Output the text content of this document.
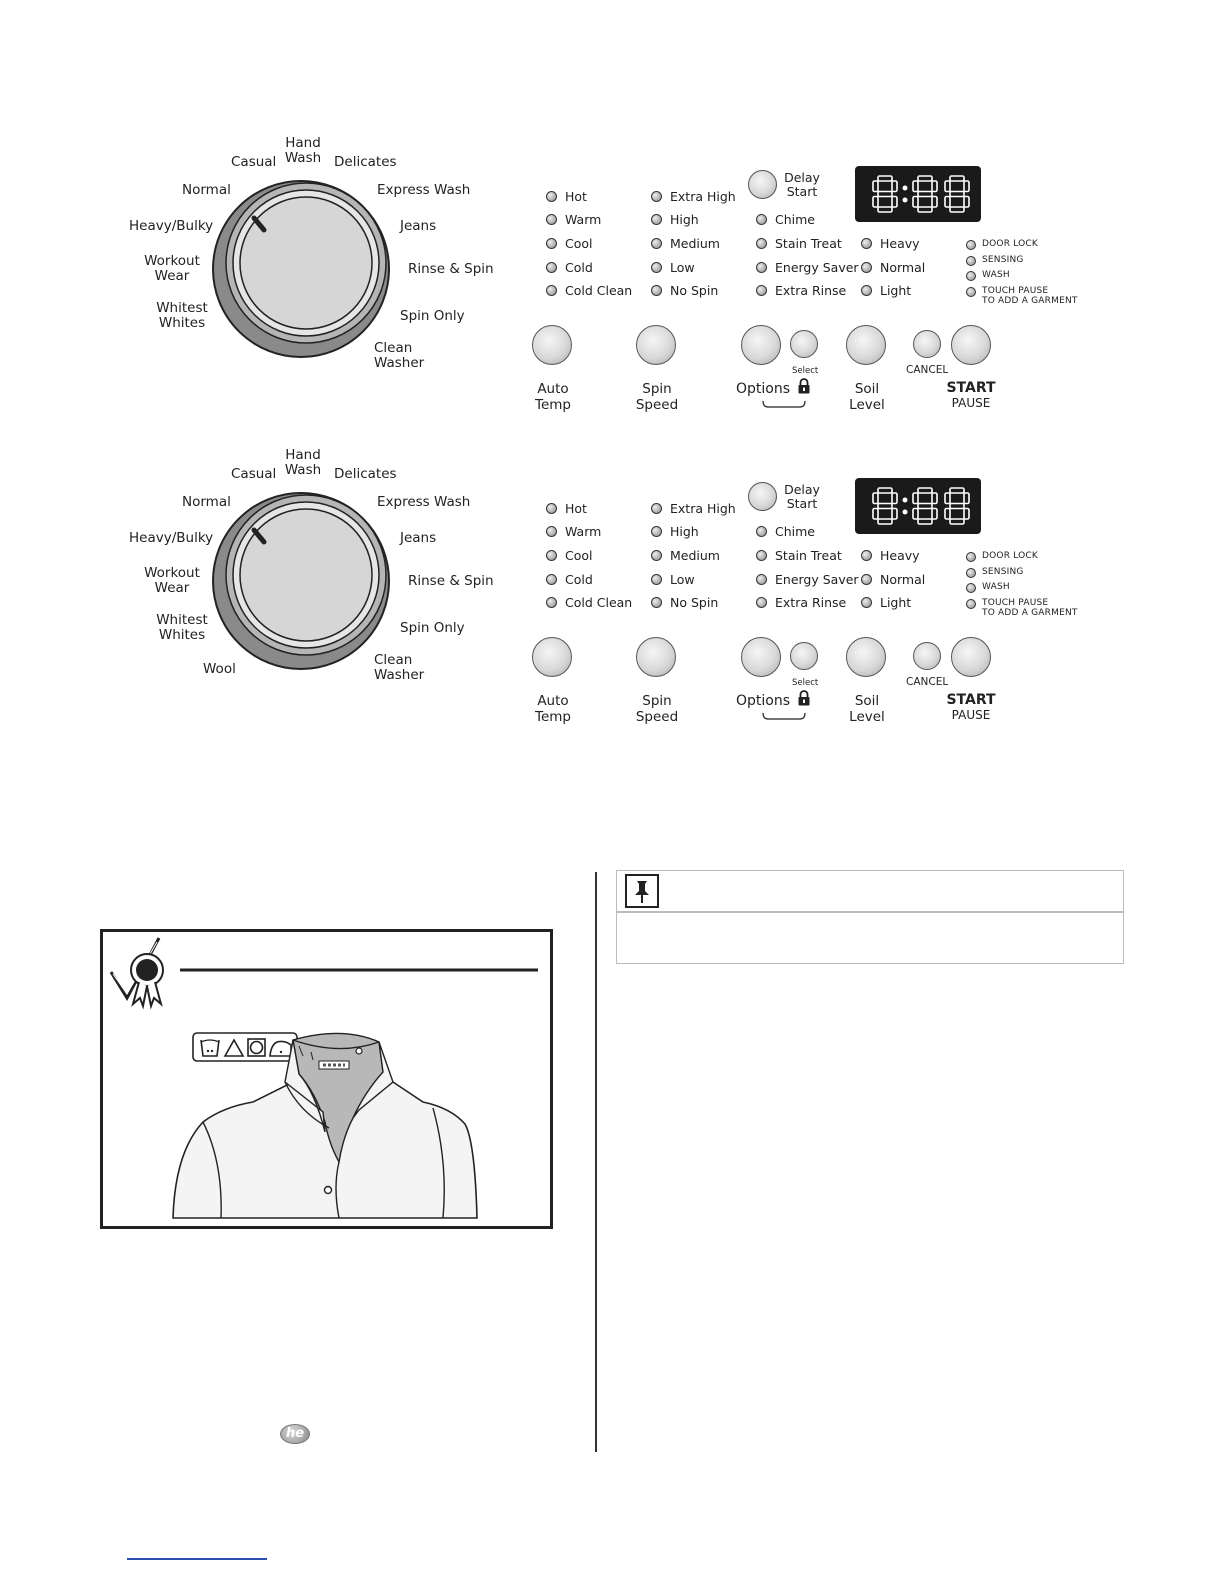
Hand
Wash
Casual	Delicates
Normal	Express Wash
Heavy/Bulky	Jeans
Workout
Wear	Rinse & Spin
Whitest
Whites	Spin Only
Clean
Washer
Hot
Warm
Cool
Cold
Cold Clean
Extra High
High
Medium
Low
No Spin
Chime
Stain Treat
Energy Saver
Extra Rinse
Heavy
Normal
Light
DOOR LOCK
SENSING
WASH
TOUCH PAUSE
TO ADD A GARMENT
Delay
Start
Auto
Temp
Spin
Speed
Options
Select
Soil
Level
CANCEL
START
PAUSE
Hand
Wash
Casual	Delicates
Normal	Express Wash
Heavy/Bulky	Jeans
Workout
Wear	Rinse & Spin
Whitest
Whites	Spin Only
Wool
Clean
Washer
Hot
Warm
Cool
Cold
Cold Clean
Extra High
High
Medium
Low
No Spin
Chime
Stain Treat
Energy Saver
Extra Rinse
Heavy
Normal
Light
DOOR LOCK
SENSING
WASH
TOUCH PAUSE
TO ADD A GARMENT
Delay
Start
Auto
Temp
Spin
Speed
Options
Select
Soil
Level
CANCEL
START
PAUSE
he
